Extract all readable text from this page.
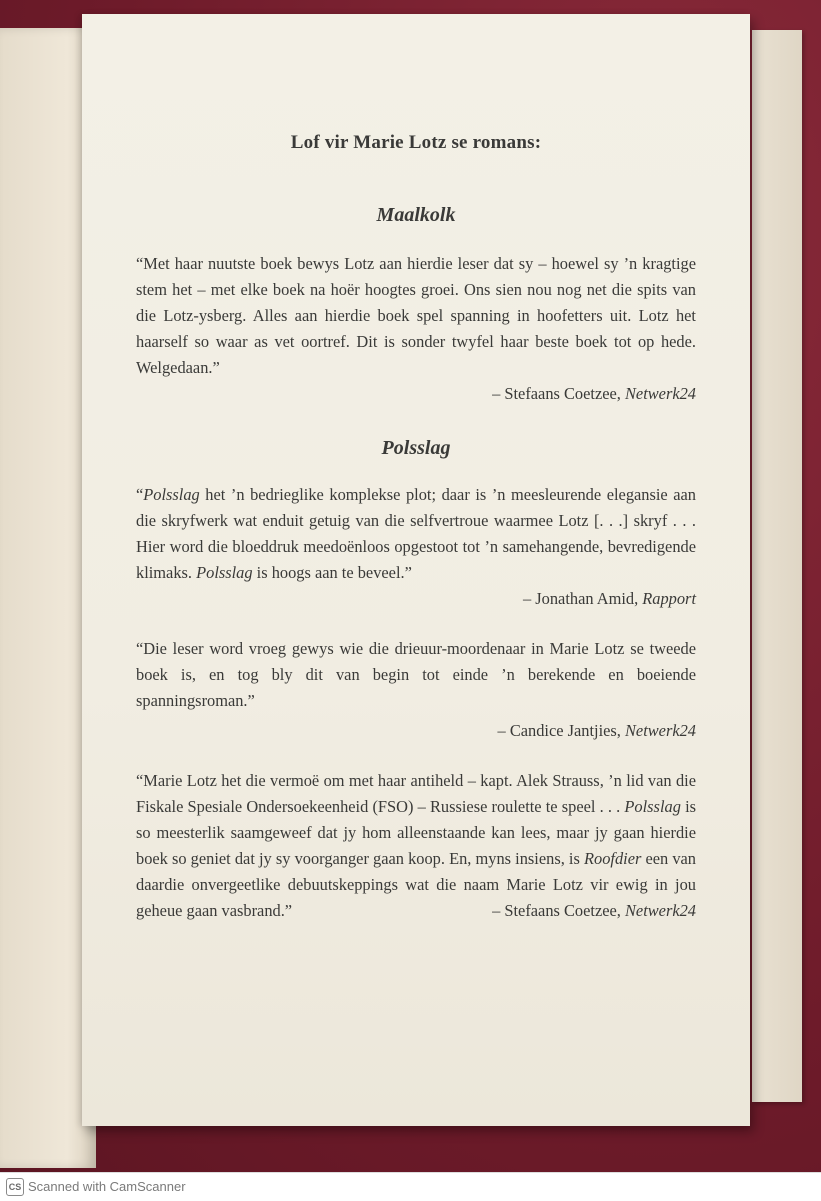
Lof vir Marie Lotz se romans:
Maalkolk

“Met haar nuutste boek bewys Lotz aan hierdie leser dat sy – hoewel sy ’n kragtige stem het – met elke boek na hoër hoogtes groei. Ons sien nou nog net die spits van die Lotz-ysberg. Alles aan hierdie boek spel spanning in hoofetters uit. Lotz het haarself so waar as vet oortref. Dit is sonder twyfel haar beste boek tot op hede. Welgedaan.”

– Stefaans Coetzee, Netwerk24

Polsslag

“Polsslag het ’n bedrieglike komplekse plot; daar is ’n meesleurende elegansie aan die skryfwerk wat enduit getuig van die selfvertroue waarmee Lotz [. . .] skryf . . . Hier word die bloeddruk meedoënloos opgestoot tot ’n samehangende, bevredigende klimaks. Polsslag is hoogs aan te beveel.”

– Jonathan Amid, Rapport

“Die leser word vroeg gewys wie die drieuur-moordenaar in Marie Lotz se tweede boek is, en tog bly dit van begin tot einde ’n berekende en boeiende spanningsroman.”

– Candice Jantjies, Netwerk24

“Marie Lotz het die vermoë om met haar antiheld – kapt. Alek Strauss, ’n lid van die Fiskale Spesiale Ondersoekeenheid (FSO) – Russiese roulette te speel . . . Polsslag is so meesterlik saamgeweef dat jy hom alleenstaande kan lees, maar jy gaan hierdie boek so geniet dat jy sy voorganger gaan koop. En, myns insiens, is Roofdier een van daardie onvergeetlike debuutskeppings wat die naam Marie Lotz vir ewig in jou geheue gaan vasbrand.”	– Stefaans Coetzee, Netwerk24

CS Scanned with CamScanner
